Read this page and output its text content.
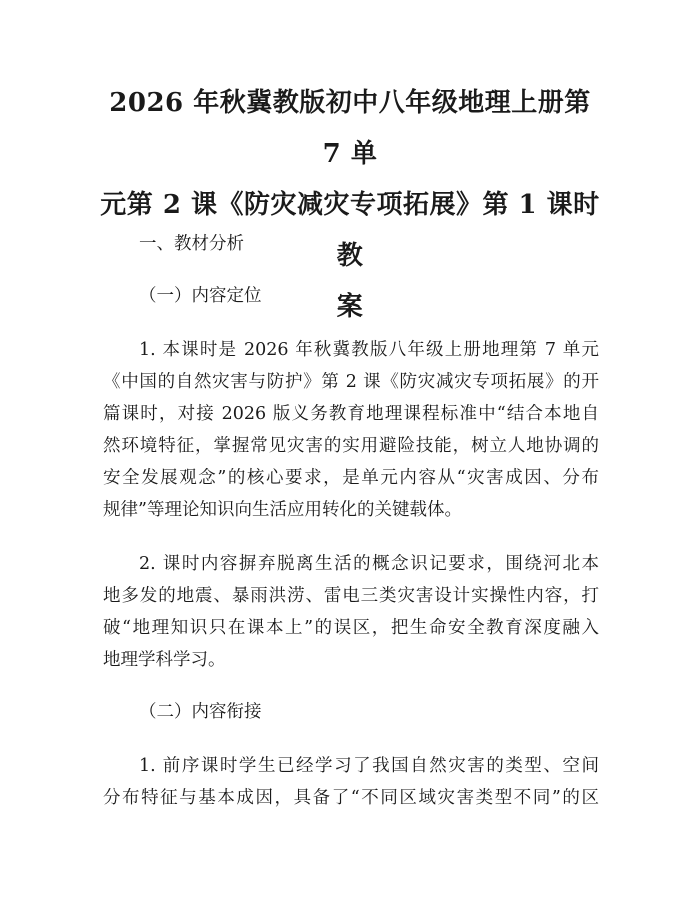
2026 年秋冀教版初中八年级地理上册第 7 单
元第 2 课《防灾减灾专项拓展》第 1 课时教
案

一、教材分析

（一）内容定位

1. 本课时是 2026 年秋冀教版八年级上册地理第 7 单元

《中国的自然灾害与防护》第 2 课《防灾减灾专项拓展》的开

篇课时，对接 2026 版义务教育地理课程标准中“结合本地自

然环境特征，掌握常见灾害的实用避险技能，树立人地协调的

安全发展观念”的核心要求，是单元内容从“灾害成因、分布

规律”等理论知识向生活应用转化的关键载体。

2. 课时内容摒弃脱离生活的概念识记要求，围绕河北本

地多发的地震、暴雨洪涝、雷电三类灾害设计实操性内容，打

破“地理知识只在课本上”的误区，把生命安全教育深度融入

地理学科学习。

（二）内容衔接

1. 前序课时学生已经学习了我国自然灾害的类型、空间

分布特征与基本成因，具备了“不同区域灾害类型不同”的区
